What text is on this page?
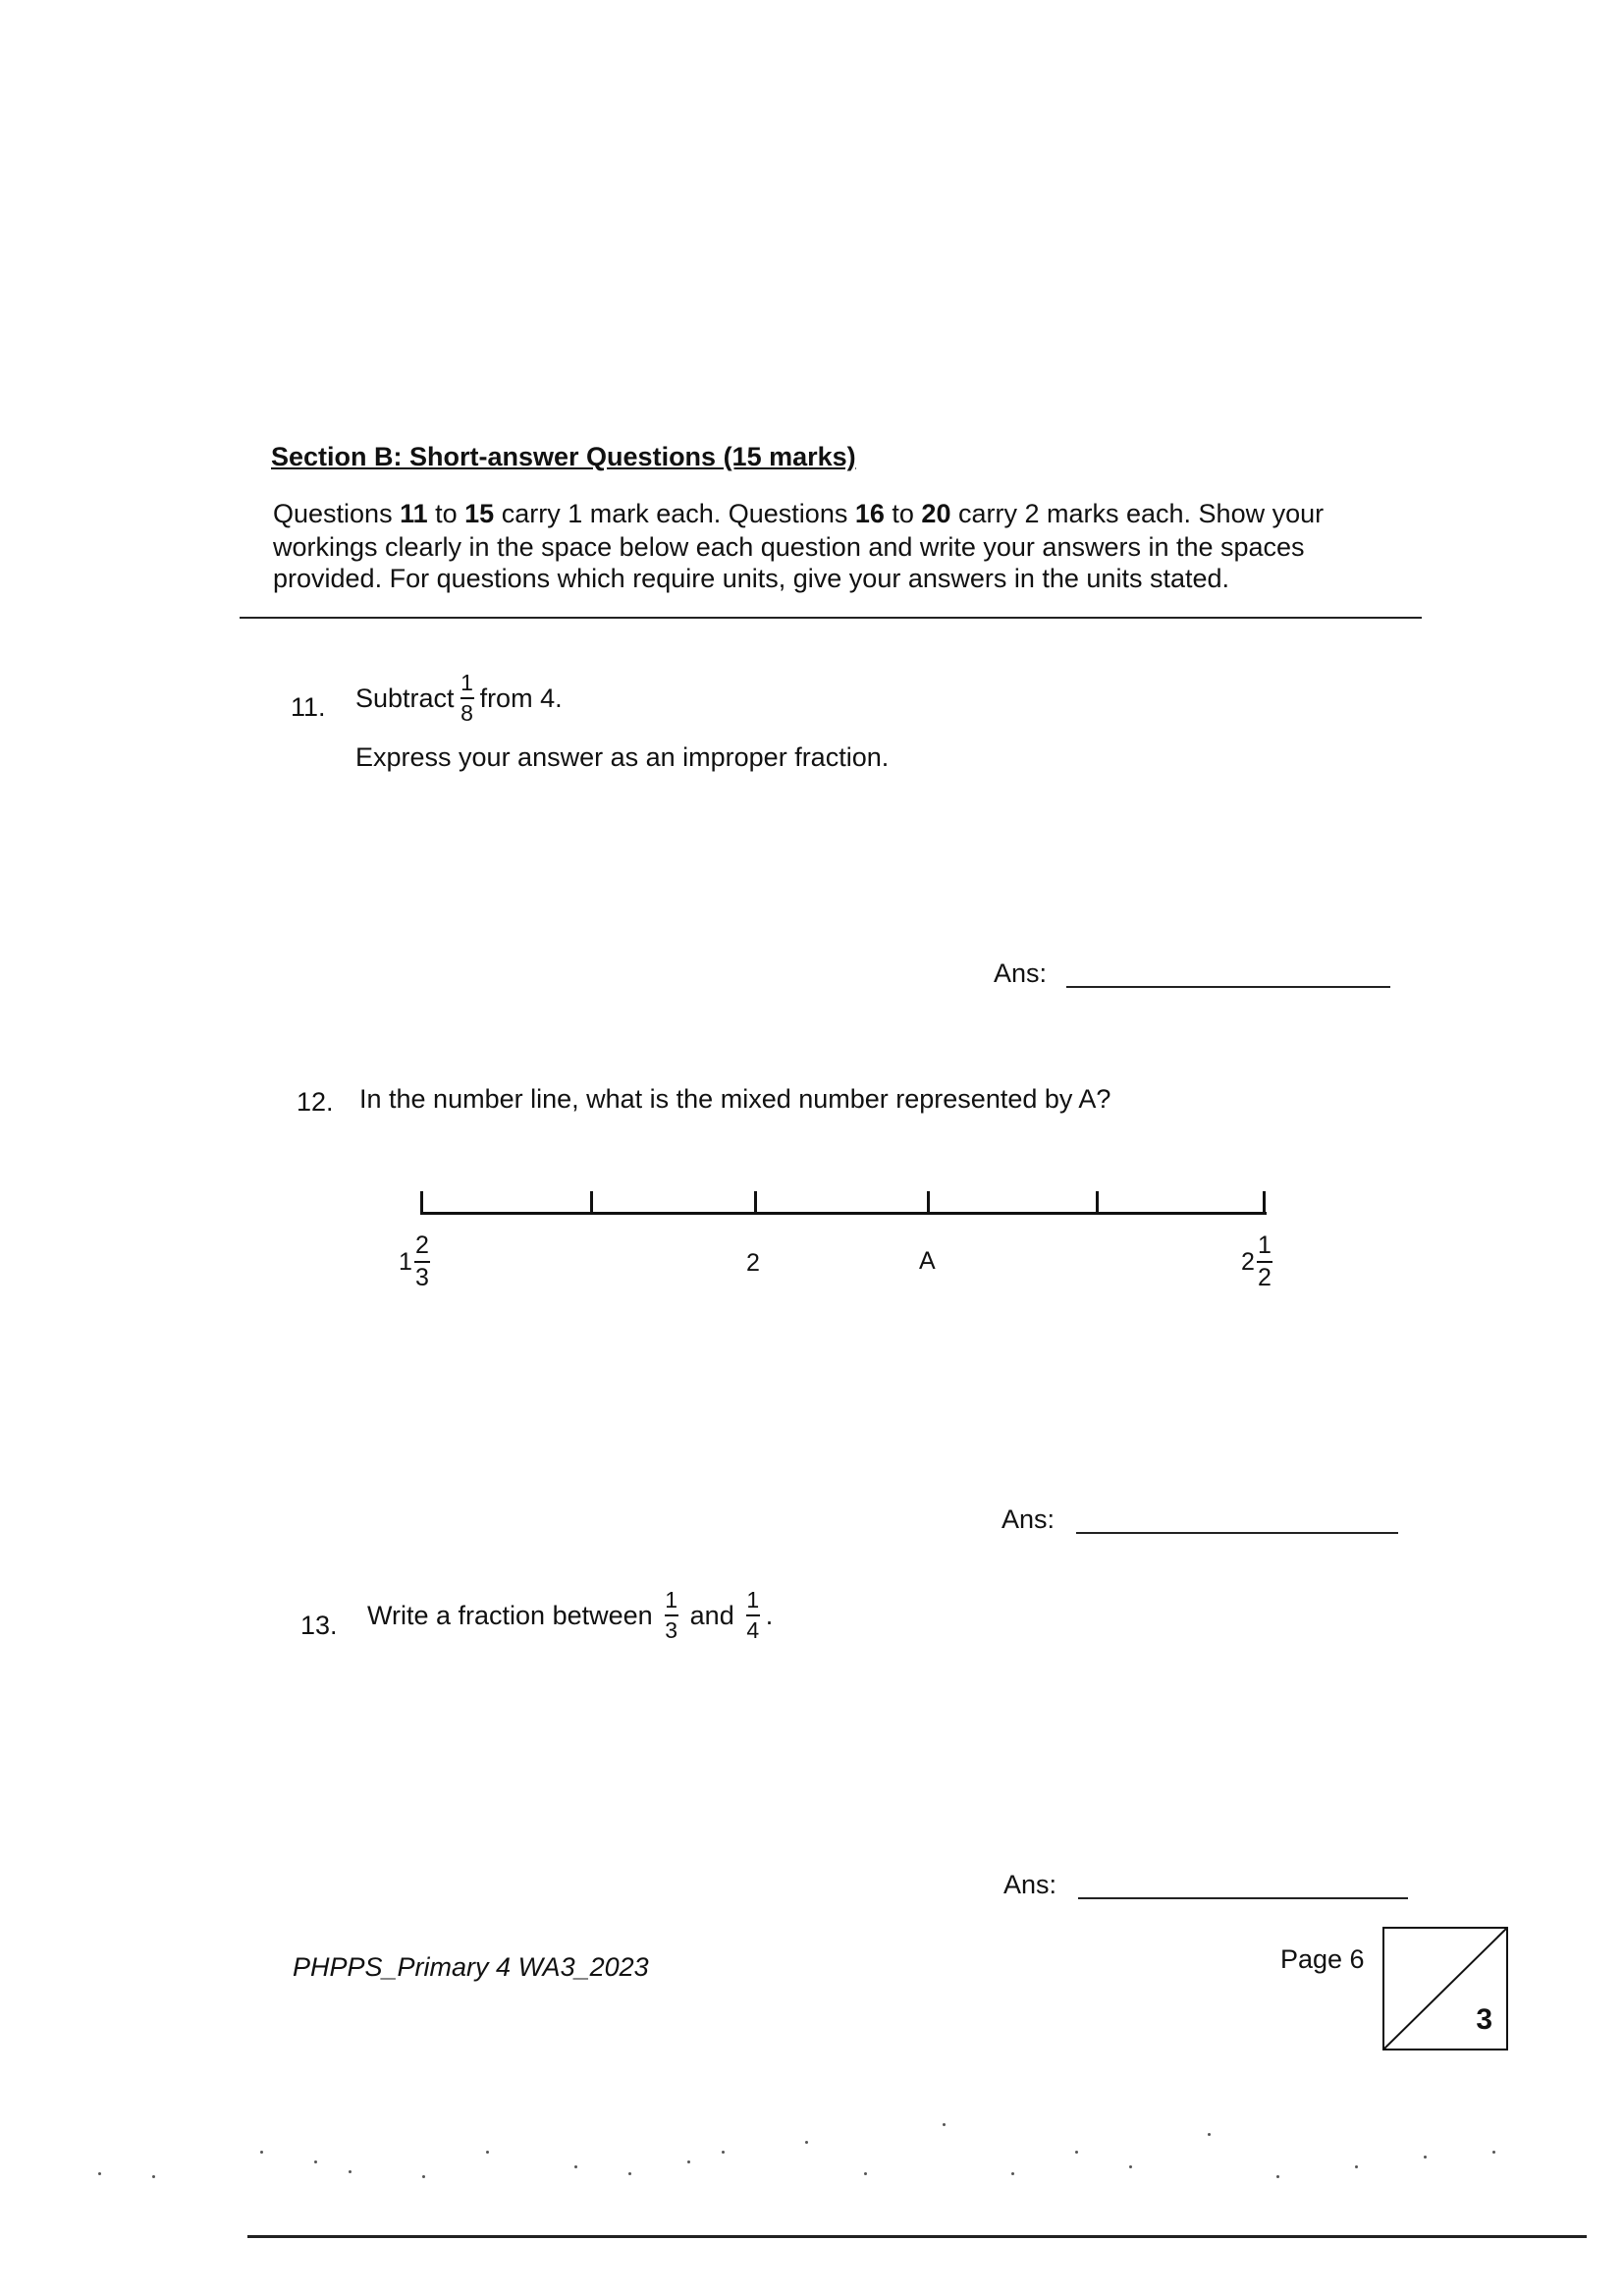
Section B: Short-answer Questions (15 marks)
Questions 11 to 15 carry 1 mark each. Questions 16 to 20 carry 2 marks each. Show your
workings clearly in the space below each question and write your answers in the spaces
provided. For questions which require units, give your answers in the units stated.
11. Subtract $\frac{1}{8}$ from 4.
Express your answer as an improper fraction.
Ans:
12. In the number line, what is the mixed number represented by A?
$1 \frac{2}{3}$	2	A	$2 \frac{1}{2}$
Ans:
13. Write a fraction between $\frac{1}{3}$ and $\frac{1}{4}$ .
Ans:
PHPPS_Primary 4 WA3_2023	Page 6
3
